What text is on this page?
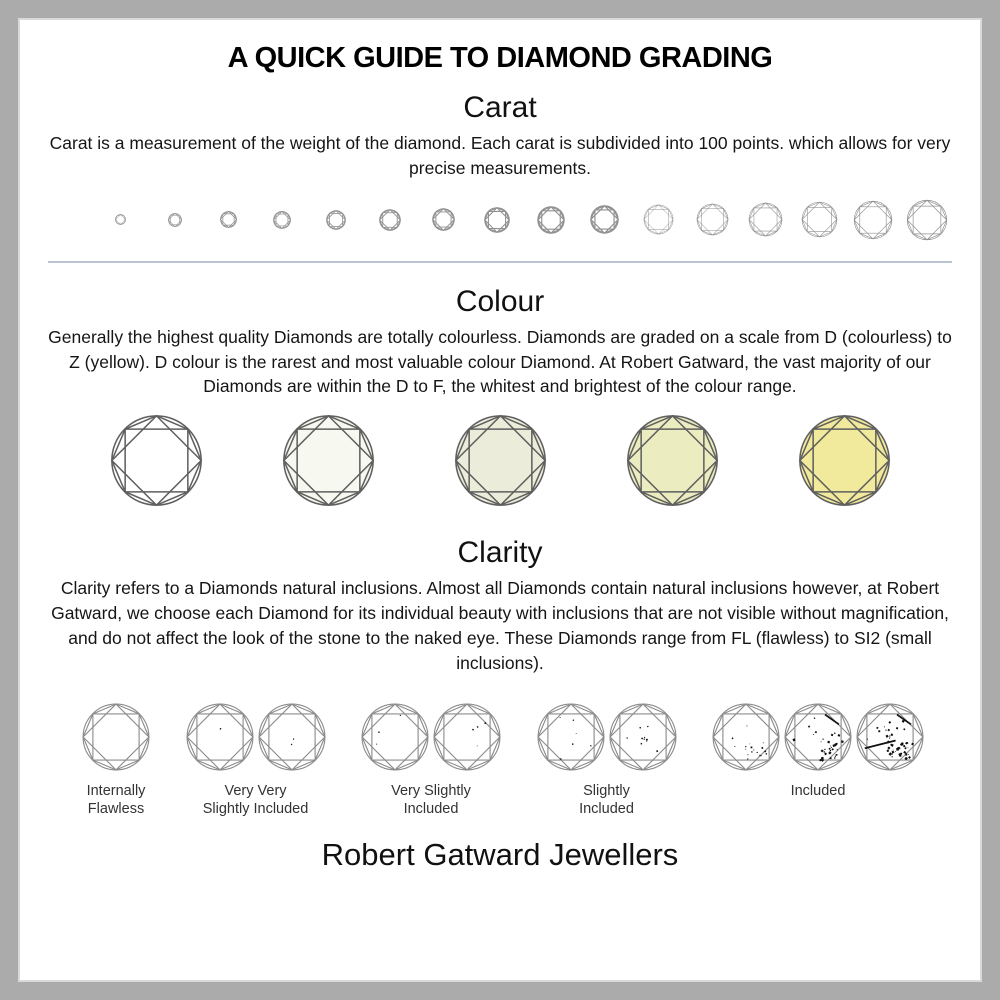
A QUICK GUIDE TO DIAMOND GRADING
Carat
Carat is a measurement of the weight of the diamond. Each carat is subdivided into 100 points. which allows for very precise measurements.
Colour
Generally the highest quality Diamonds are totally colourless. Diamonds are graded on a scale from D (colourless) to Z (yellow). D colour is the rarest and most valuable colour Diamond. At Robert Gatward, the vast majority of our Diamonds are within the D to F, the whitest and brightest of the colour range.
Clarity
Clarity refers to a Diamonds natural inclusions. Almost all Diamonds contain natural inclusions however, at Robert Gatward, we choose each Diamond for its individual beauty with inclusions that are not visible without magnification, and do not affect the look of the stone to the naked eye. These Diamonds range from FL (flawless) to SI2 (small inclusions).
Internally
Flawless
Very Very
Slightly Included
Very Slightly
Included
Slightly
Included
Included
Robert Gatward Jewellers
